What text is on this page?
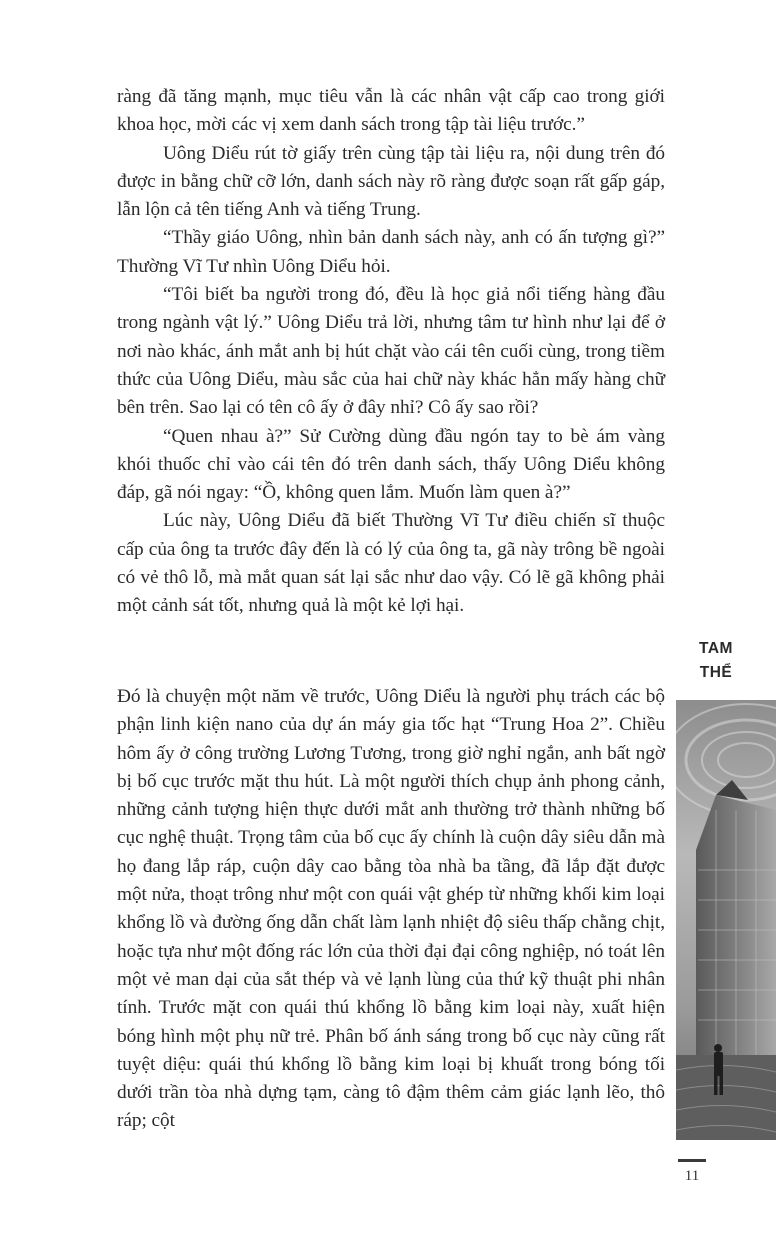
ràng đã tăng mạnh, mục tiêu vẫn là các nhân vật cấp cao trong giới khoa học, mời các vị xem danh sách trong tập tài liệu trước.”

Uông Diểu rút tờ giấy trên cùng tập tài liệu ra, nội dung trên đó được in bằng chữ cỡ lớn, danh sách này rõ ràng được soạn rất gấp gáp, lẫn lộn cả tên tiếng Anh và tiếng Trung.

“Thầy giáo Uông, nhìn bản danh sách này, anh có ấn tượng gì?” Thường Vĩ Tư nhìn Uông Diểu hỏi.

“Tôi biết ba người trong đó, đều là học giả nổi tiếng hàng đầu trong ngành vật lý.” Uông Diểu trả lời, nhưng tâm tư hình như lại để ở nơi nào khác, ánh mắt anh bị hút chặt vào cái tên cuối cùng, trong tiềm thức của Uông Diểu, màu sắc của hai chữ này khác hẳn mấy hàng chữ bên trên. Sao lại có tên cô ấy ở đây nhỉ? Cô ấy sao rồi?

“Quen nhau à?” Sử Cường dùng đầu ngón tay to bè ám vàng khói thuốc chỉ vào cái tên đó trên danh sách, thấy Uông Diểu không đáp, gã nói ngay: “Ồ, không quen lắm. Muốn làm quen à?”

Lúc này, Uông Diểu đã biết Thường Vĩ Tư điều chiến sĩ thuộc cấp của ông ta trước đây đến là có lý của ông ta, gã này trông bề ngoài có vẻ thô lỗ, mà mắt quan sát lại sắc như dao vậy. Có lẽ gã không phải một cảnh sát tốt, nhưng quả là một kẻ lợi hại.

Đó là chuyện một năm về trước, Uông Diểu là người phụ trách các bộ phận linh kiện nano của dự án máy gia tốc hạt “Trung Hoa 2”. Chiều hôm ấy ở công trường Lương Tương, trong giờ nghỉ ngắn, anh bất ngờ bị bố cục trước mặt thu hút. Là một người thích chụp ảnh phong cảnh, những cảnh tượng hiện thực dưới mắt anh thường trở thành những bố cục nghệ thuật. Trọng tâm của bố cục ấy chính là cuộn dây siêu dẫn mà họ đang lắp ráp, cuộn dây cao bằng tòa nhà ba tầng, đã lắp đặt được một nửa, thoạt trông như một con quái vật ghép từ những khối kim loại khổng lồ và đường ống dẫn chất làm lạnh nhiệt độ siêu thấp chằng chịt, hoặc tựa như một đống rác lớn của thời đại đại công nghiệp, nó toát lên một vẻ man dại của sắt thép và vẻ lạnh lùng của thứ kỹ thuật phi nhân tính. Trước mặt con quái thú khổng lồ bằng kim loại này, xuất hiện bóng hình một phụ nữ trẻ. Phân bố ánh sáng trong bố cục này cũng rất tuyệt diệu: quái thú khổng lồ bằng kim loại bị khuất trong bóng tối dưới trần tòa nhà dựng tạm, càng tô đậm thêm cảm giác lạnh lẽo, thô ráp; cột

TAM
THỂ
11
